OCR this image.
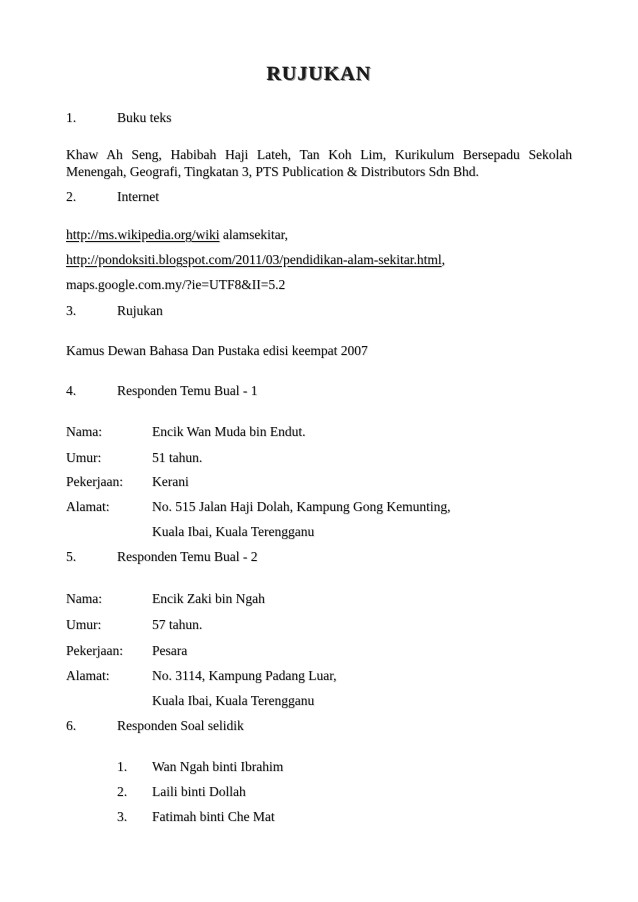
RUJUKAN
1.	Buku teks
Khaw Ah Seng, Habibah Haji Lateh, Tan Koh Lim, Kurikulum Bersepadu Sekolah
Menengah, Geografi, Tingkatan 3, PTS Publication & Distributors Sdn Bhd.
2.	Internet
http://ms.wikipedia.org/wiki alamsekitar,
http://pondoksiti.blogspot.com/2011/03/pendidikan-alam-sekitar.html,
maps.google.com.my/?ie=UTF8&II=5.2
3.	Rujukan
Kamus Dewan Bahasa Dan Pustaka edisi keempat 2007
4.	Responden Temu Bual - 1
Nama:	Encik Wan Muda bin Endut.
Umur:	51 tahun.
Pekerjaan: Kerani
Alamat:	No. 515 Jalan Haji Dolah, Kampung Gong Kemunting,
Kuala Ibai, Kuala Terengganu
5.	Responden Temu Bual - 2
Nama:	Encik Zaki bin Ngah
Umur:	57 tahun.
Pekerjaan: Pesara
Alamat:	No. 3114, Kampung Padang Luar,
Kuala Ibai, Kuala Terengganu
6.	Responden Soal selidik
1. Wan Ngah binti Ibrahim
2. Laili binti Dollah
3. Fatimah binti Che Mat
